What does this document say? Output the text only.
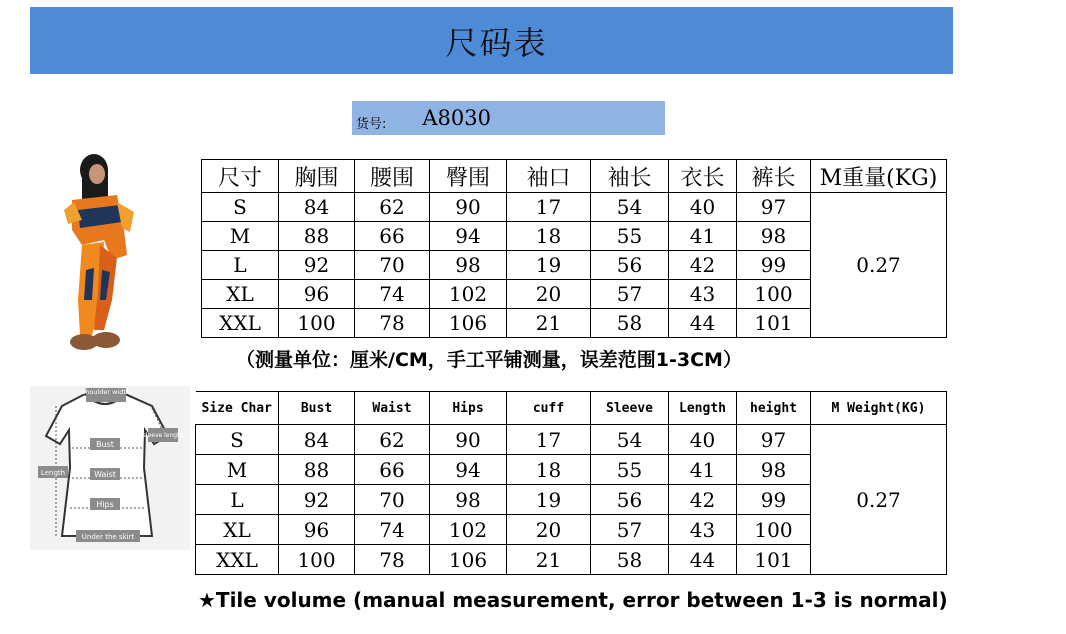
尺码表
货号: A8030
尺寸	胸围	腰围	臀围	袖口	袖长	衣长	裤长	M重量(KG)
S	84	62	90	17	54	40	97	0.27
M	88	66	94	18	55	41	98	
L	92	70	98	19	56	42	99	
XL	96	74	102	20	57	43	100	
XXL	100	78	106	21	58	44	101	
（测量单位：厘米/CM，手工平铺测量，误差范围1-3CM）
shoulder width
sleeve length
Bust
Waist
Hips
Length
Under the skirt
Size Char	Bust	Waist	Hips	cuff	Sleeve	Length	height	M Weight(KG)
S	84	62	90	17	54	40	97	0.27
M	88	66	94	18	55	41	98	
L	92	70	98	19	56	42	99	
XL	96	74	102	20	57	43	100	
XXL	100	78	106	21	58	44	101	
★Tile volume (manual measurement, error between 1-3 is normal)
